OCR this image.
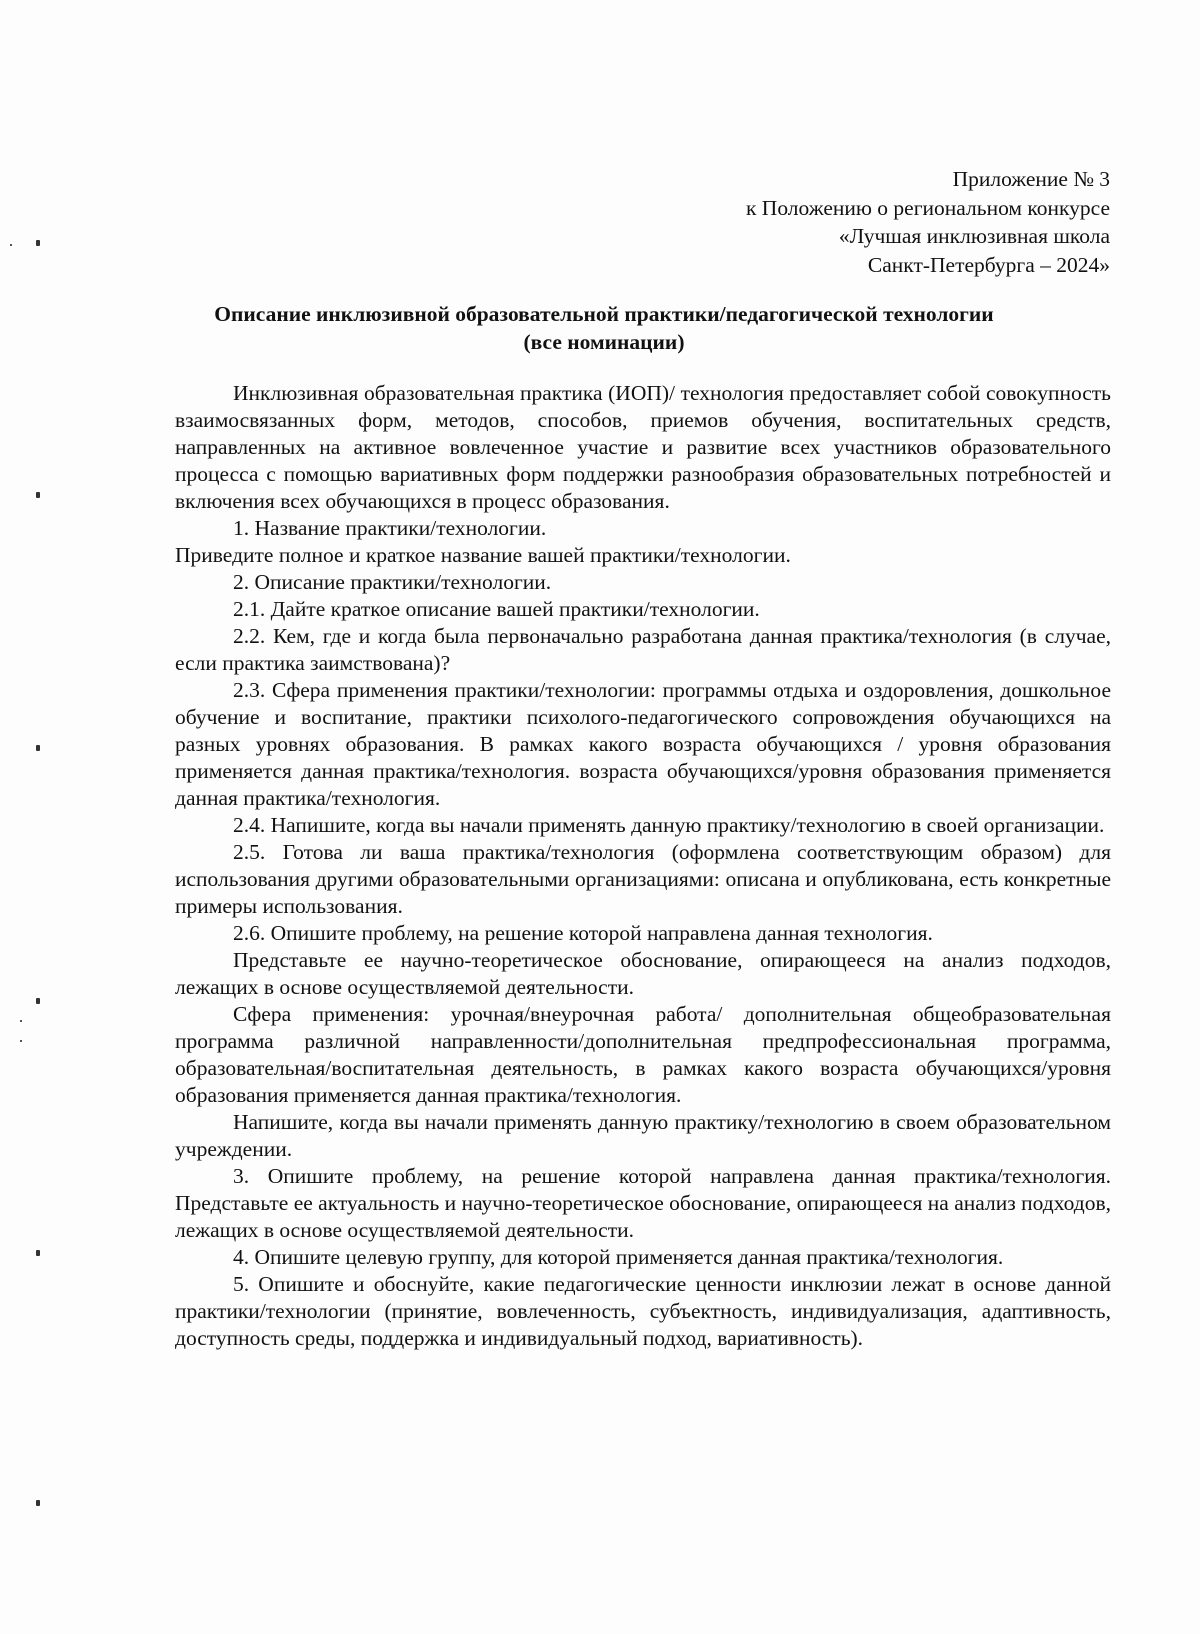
Приложение № 3
к Положению о региональном конкурсе
«Лучшая инклюзивная школа
Санкт-Петербурга – 2024»
Описание инклюзивной образовательной практики/педагогической технологии
(все номинации)

Инклюзивная образовательная практика (ИОП)/ технология предоставляет собой совокупность взаимосвязанных форм, методов, способов, приемов обучения, воспитательных средств, направленных на активное вовлеченное участие и развитие всех участников образовательного процесса с помощью вариативных форм поддержки разнообразия образовательных потребностей и включения всех обучающихся в процесс образования.

1. Название практики/технологии.

Приведите полное и краткое название вашей практики/технологии.

2. Описание практики/технологии.

2.1. Дайте краткое описание вашей практики/технологии.

2.2. Кем, где и когда была первоначально разработана данная практика/технология (в случае, если практика заимствована)?

2.3. Сфера применения практики/технологии: программы отдыха и оздоровления, дошкольное обучение и воспитание, практики психолого-педагогического сопровождения обучающихся на разных уровнях образования. В рамках какого возраста обучающихся / уровня образования применяется данная практика/технология. возраста обучающихся/уровня образования применяется данная практика/технология.

2.4. Напишите, когда вы начали применять данную практику/технологию в своей организации.

2.5. Готова ли ваша практика/технология (оформлена соответствующим образом) для использования другими образовательными организациями: описана и опубликована, есть конкретные примеры использования.

2.6. Опишите проблему, на решение которой направлена данная технология.

Представьте ее научно-теоретическое обоснование, опирающееся на анализ подходов, лежащих в основе осуществляемой деятельности.

Сфера применения: урочная/внеурочная работа/ дополнительная общеобразовательная программа различной направленности/дополнительная предпрофессиональная программа, образовательная/воспитательная деятельность, в рамках какого возраста обучающихся/уровня образования применяется данная практика/технология.

Напишите, когда вы начали применять данную практику/технологию в своем образовательном учреждении.

3. Опишите проблему, на решение которой направлена данная практика/технология. Представьте ее актуальность и научно-теоретическое обоснование, опирающееся на анализ подходов, лежащих в основе осуществляемой деятельности.

4. Опишите целевую группу, для которой применяется данная практика/технология.

5. Опишите и обоснуйте, какие педагогические ценности инклюзии лежат в основе данной практики/технологии (принятие, вовлеченность, субъектность, индивидуализация, адаптивность, доступность среды, поддержка и индивидуальный подход, вариативность).
